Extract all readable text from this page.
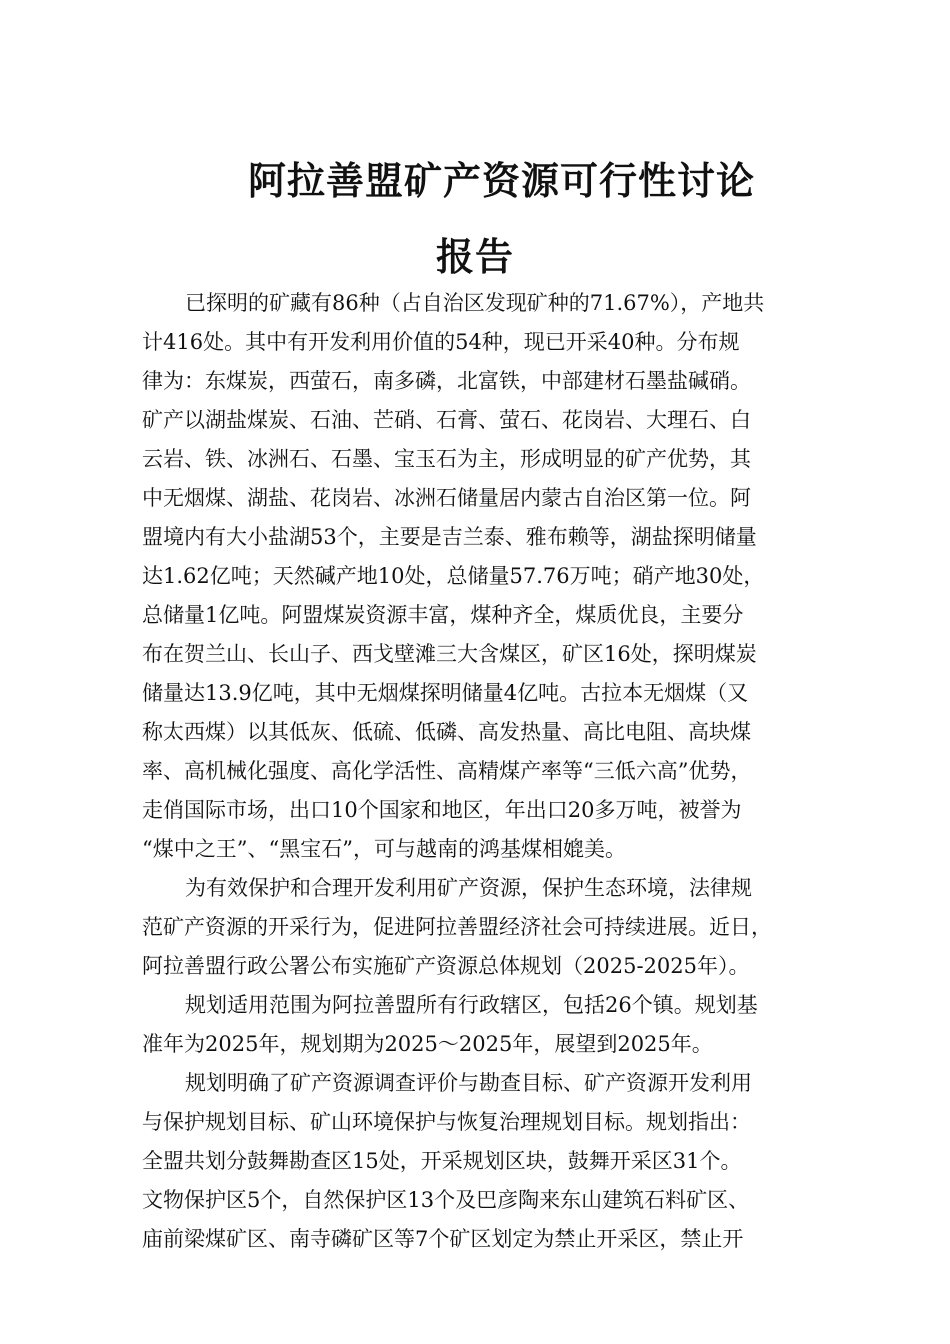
阿拉善盟矿产资源可行性讨论
报告
已探明的矿藏有86种（占自治区发现矿种的71.67%），产地共
计416处。其中有开发利用价值的54种，现已开采40种。分布规
律为：东煤炭，西萤石，南多磷，北富铁，中部建材石墨盐碱硝。
矿产以湖盐煤炭、石油、芒硝、石膏、萤石、花岗岩、大理石、白
云岩、铁、冰洲石、石墨、宝玉石为主，形成明显的矿产优势，其
中无烟煤、湖盐、花岗岩、冰洲石储量居内蒙古自治区第一位。阿
盟境内有大小盐湖53个，主要是吉兰泰、雅布赖等，湖盐探明储量
达1.62亿吨；天然碱产地10处，总储量57.76万吨；硝产地30处，
总储量1亿吨。阿盟煤炭资源丰富，煤种齐全，煤质优良，主要分
布在贺兰山、长山子、西戈壁滩三大含煤区，矿区16处，探明煤炭
储量达13.9亿吨，其中无烟煤探明储量4亿吨。古拉本无烟煤（又
称太西煤）以其低灰、低硫、低磷、高发热量、高比电阻、高块煤
率、高机械化强度、高化学活性、高精煤产率等“三低六高”优势，
走俏国际市场，出口10个国家和地区，年出口20多万吨，被誉为
“煤中之王”、“黑宝石”，可与越南的鸿基煤相媲美。
为有效保护和合理开发利用矿产资源，保护生态环境，法律规
范矿产资源的开采行为，促进阿拉善盟经济社会可持续进展。近日，
阿拉善盟行政公署公布实施矿产资源总体规划（2025-2025年）。
规划适用范围为阿拉善盟所有行政辖区，包括26个镇。规划基
准年为2025年，规划期为2025～2025年，展望到2025年。
规划明确了矿产资源调查评价与勘查目标、矿产资源开发利用
与保护规划目标、矿山环境保护与恢复治理规划目标。规划指出：
全盟共划分鼓舞勘查区15处，开采规划区块，鼓舞开采区31个。
文物保护区5个，自然保护区13个及巴彦陶来东山建筑石料矿区、
庙前梁煤矿区、南寺磷矿区等7个矿区划定为禁止开采区，禁止开
